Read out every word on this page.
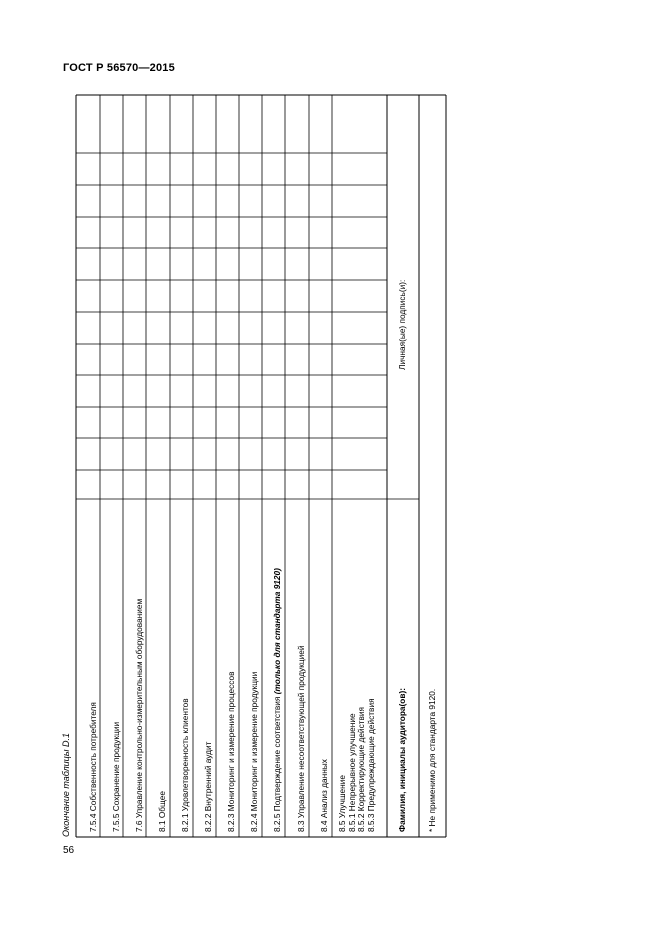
ГОСТ Р 56570—2015
56
Окончание таблицы D.1 7.5.4 Собственность потребителя 7.5.5 Сохранение продукции 7.6 Управление контрольно-измерительным оборудованием 8.1 Общее 8.2.1 Удовлетворенность клиентов 8.2.2 Внутренний аудит 8.2.3 Мониторинг и измерение процессов 8.2.4 Мониторинг и измерение продукции 8.2.5 Подтверждение соответствия (только для стандарта 9120)
8.3 Управление несоответствующей продукцией 8.4 Анализ данных 8.5 Улучшение 8.5.1 Непрерывное улучшение 8.5.2 Корректирующие действия 8.5.3 Предупреждающие действия	Фамилия, инициалы аудитора(ов):
Личная(ые) подпись(и):
* Не применимо для стандарта 9120.
